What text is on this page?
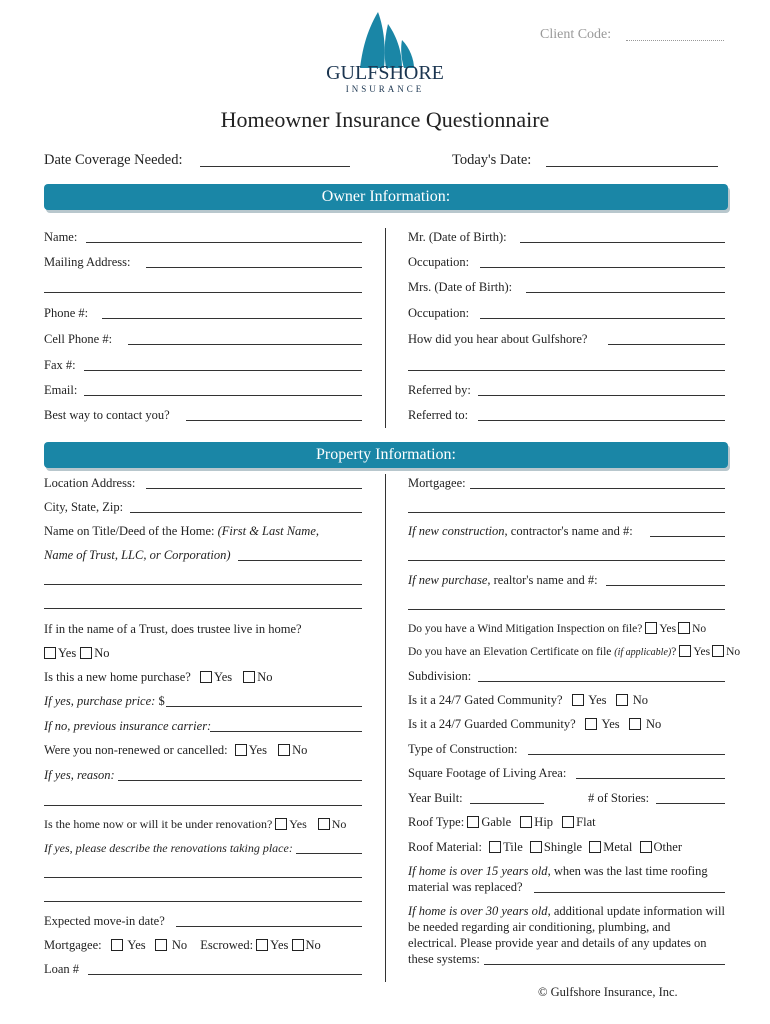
Client Code:
GULFSHORE
INSURANCE
Homeowner Insurance Questionnaire
Date Coverage Needed:	Today's Date:
Owner Information:
Name:
Mailing Address:
Phone #:
Cell Phone #:
Fax #:
Email:
Best way to contact you?
Mr. (Date of Birth):
Occupation:
Mrs. (Date of Birth):
Occupation:
How did you hear about Gulfshore?
Referred by:
Referred to:
Property Information:
Location Address:
City, State, Zip:
Name on Title/Deed of the Home: (First & Last Name,
Name of Trust, LLC, or Corporation)
If in the name of a Trust, does trustee live in home?
Yes No
Is this a new home purchase? Yes No
If yes, purchase price: $
If no, previous insurance carrier:
Were you non-renewed or cancelled: Yes No
If yes, reason:
Is the home now or will it be under renovation? Yes No
If yes, please describe the renovations taking place:
Expected move-in date?
Mortgagee: Yes No Escrowed: Yes No
Loan #
Mortgagee:
If new construction, contractor's name and #:
If new purchase, realtor's name and #:
Do you have a Wind Mitigation Inspection on file? Yes No
Do you have an Elevation Certificate on file (if applicable)? Yes No
Subdivision:
Is it a 24/7 Gated Community? Yes No
Is it a 24/7 Guarded Community? Yes No
Type of Construction:
Square Footage of Living Area:
Year Built:	# of Stories:
Roof Type: Gable Hip Flat
Roof Material: Tile Shingle Metal Other
If home is over 15 years old, when was the last time roofing
material was replaced?
If home is over 30 years old, additional update information will
be needed regarding air conditioning, plumbing, and
electrical. Please provide year and details of any updates on
these systems:
© Gulfshore Insurance, Inc.
